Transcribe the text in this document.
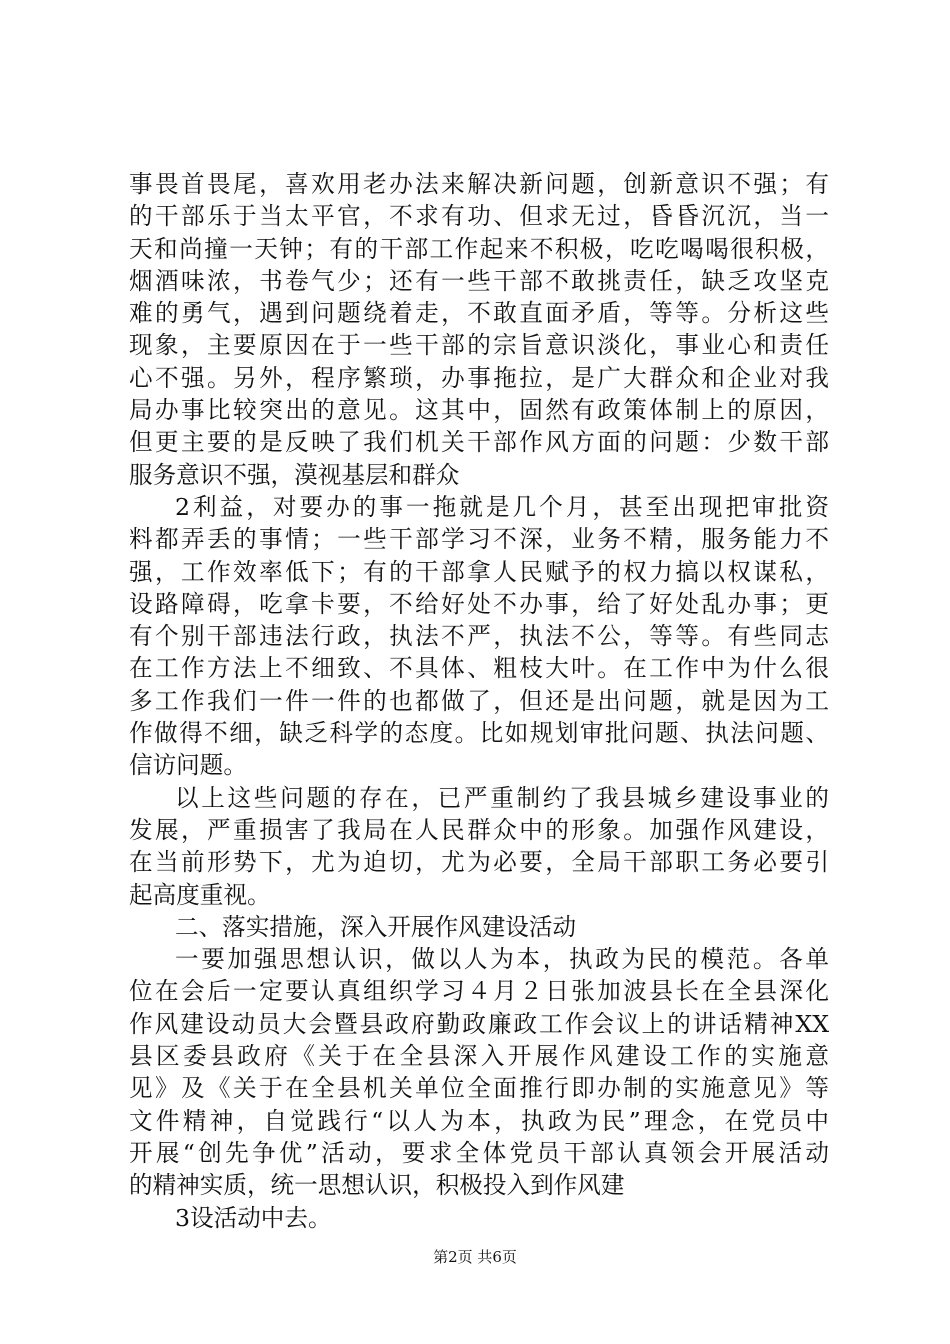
事畏首畏尾，喜欢用老办法来解决新问题，创新意识不强；有
的干部乐于当太平官，不求有功、但求无过，昏昏沉沉，当一
天和尚撞一天钟；有的干部工作起来不积极，吃吃喝喝很积极，
烟酒味浓，书卷气少；还有一些干部不敢挑责任，缺乏攻坚克
难的勇气，遇到问题绕着走，不敢直面矛盾，等等。分析这些
现象，主要原因在于一些干部的宗旨意识淡化，事业心和责任
心不强。另外，程序繁琐，办事拖拉，是广大群众和企业对我
局办事比较突出的意见。这其中，固然有政策体制上的原因，
但更主要的是反映了我们机关干部作风方面的问题：少数干部
服务意识不强，漠视基层和群众
2利益，对要办的事一拖就是几个月，甚至出现把审批资
料都弄丢的事情；一些干部学习不深，业务不精，服务能力不
强，工作效率低下；有的干部拿人民赋予的权力搞以权谋私，
设路障碍，吃拿卡要，不给好处不办事，给了好处乱办事；更
有个别干部违法行政，执法不严，执法不公，等等。有些同志
在工作方法上不细致、不具体、粗枝大叶。在工作中为什么很
多工作我们一件一件的也都做了，但还是出问题，就是因为工
作做得不细，缺乏科学的态度。比如规划审批问题、执法问题、
信访问题。
以上这些问题的存在，已严重制约了我县城乡建设事业的
发展，严重损害了我局在人民群众中的形象。加强作风建设，
在当前形势下，尤为迫切，尤为必要，全局干部职工务必要引
起高度重视。
二、落实措施，深入开展作风建设活动
一要加强思想认识，做以人为本，执政为民的模范。各单
位在会后一定要认真组织学习４月２日张加波县长在全县深化
作风建设动员大会暨县政府勤政廉政工作会议上的讲话精神XX
县区委县政府《关于在全县深入开展作风建设工作的实施意
见》及《关于在全县机关单位全面推行即办制的实施意见》等
文件精神，自觉践行“以人为本，执政为民”理念，在党员中
开展“创先争优”活动，要求全体党员干部认真领会开展活动
的精神实质，统一思想认识，积极投入到作风建
3设活动中去。
第2页 共6页
